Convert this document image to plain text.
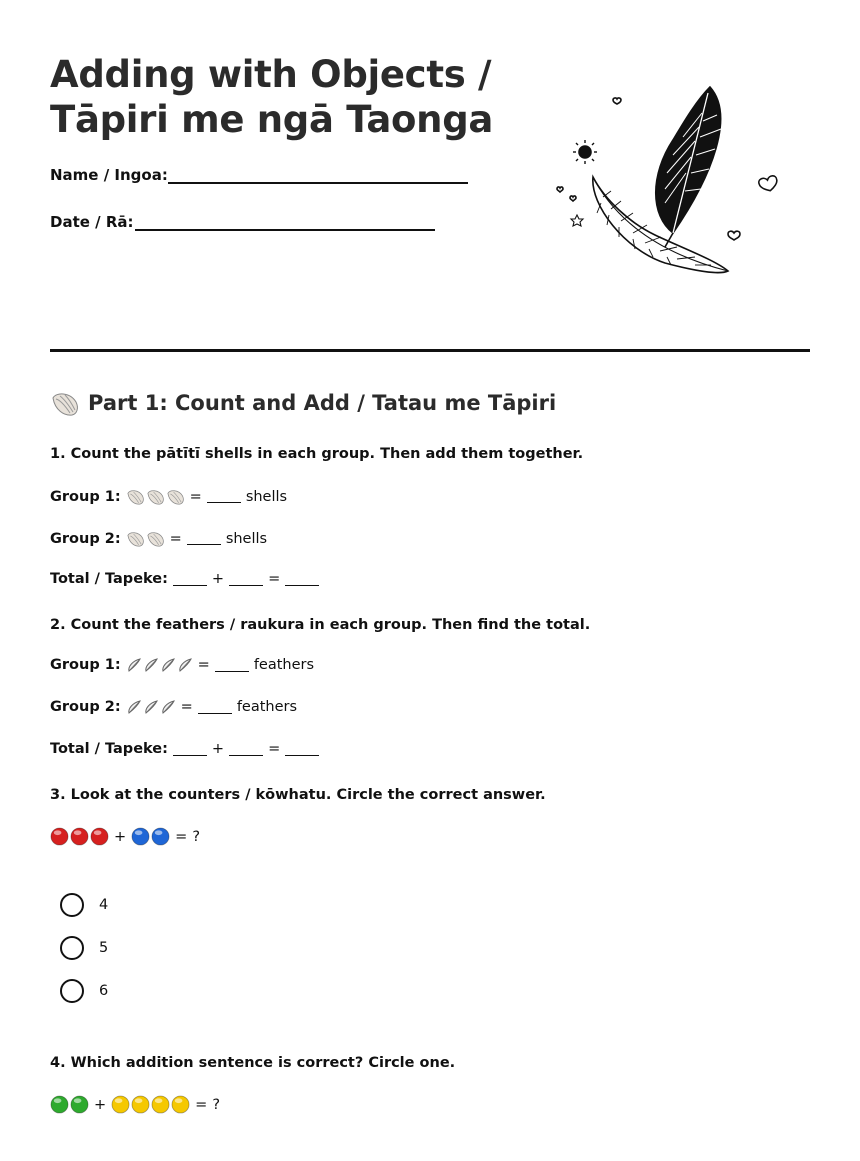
Adding with Objects /
Tāpiri me ngā Taonga
Name / Ingoa:
Date / Rā:
Part 1: Count and Add / Tatau me Tāpiri

1. Count the pātītī shells in each group. Then add them together.

Group 1:	=	shells
Group 2:	=	shells
Total / Tapeke:	+	=

2. Count the feathers / raukura in each group. Then find the total.

Group 1:	=	feathers
Group 2:	=	feathers
Total / Tapeke:	+	=

3. Look at the counters / kōwhatu. Circle the correct answer.

+	= ?
4
5
6

4. Which addition sentence is correct? Circle one.

+	= ?
